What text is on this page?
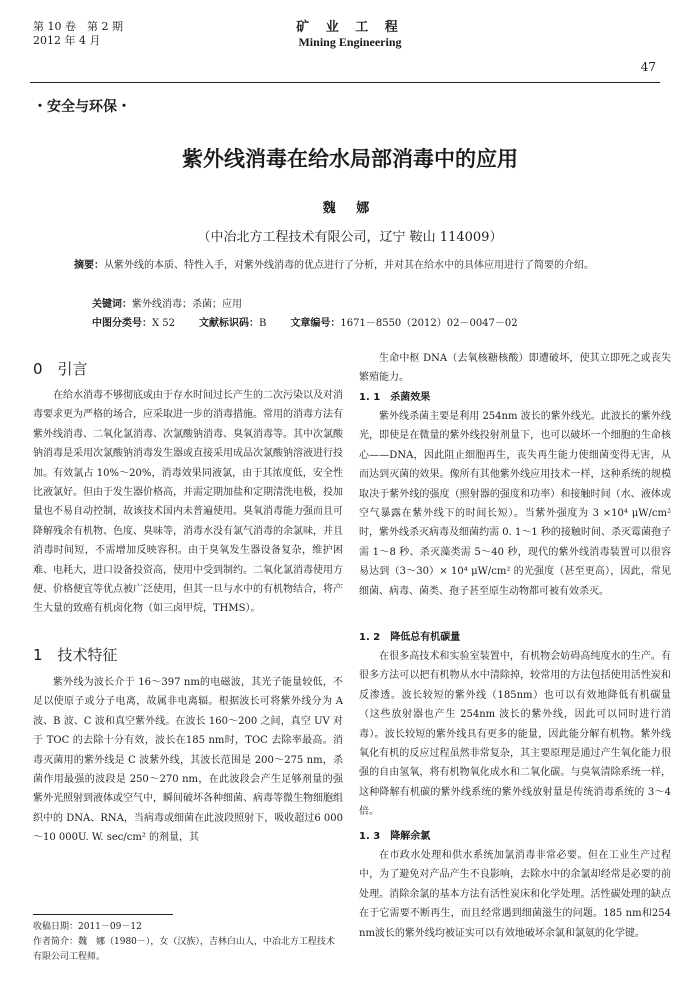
第 10 卷　第 2 期
2012 年 4 月
矿 业 工 程
Mining Engineering
47
・安全与环保・
紫外线消毒在给水局部消毒中的应用
魏 娜
（中冶北方工程技术有限公司，辽宁 鞍山 114009）
摘要：从紫外线的本质、特性入手，对紫外线消毒的优点进行了分析，并对其在给水中的具体应用进行了简要的介绍。
关键词：紫外线消毒；杀菌；应用
中图分类号：X 52 文献标识码：B 文章编号：1671－8550（2012）02－0047－02
0　引言

在给水消毒不够彻底或由于存水时间过长产生的二次污染以及对消毒要求更为严格的场合，应采取进一步的消毒措施。常用的消毒方法有紫外线消毒、二氧化氯消毒、次氯酸钠消毒、臭氧消毒等。其中次氯酸钠消毒是采用次氯酸钠消毒发生器或直接采用成品次氯酸钠溶液进行投加。有效氯占 10%～20%，消毒效果同液氯，由于其浓度低，安全性比液氯好。但由于发生器价格高，并需定期加盐和定期清洗电极，投加量也不易自动控制，故该技术国内未普遍使用。臭氧消毒能力强而且可降解残余有机物、色度、臭味等，消毒水没有氯气消毒的余氯味，并且消毒时间短，不需增加反映容积。由于臭氧发生器设备复杂，维护困难、电耗大，进口设备投资高，使用中受到制约。二氧化氯消毒使用方便、价格便宜等优点被广泛使用，但其一旦与水中的有机物结合，将产生大量的致癌有机卤化物（如三卤甲烷，THMS）。

1　技术特征

紫外线为波长介于 16～397 nm的电磁波，其光子能量较低，不足以使原子或分子电离，故属非电离辐。根据波长可将紫外线分为 A 波、B 波、C 波和真空紫外线。在波长 160～200 之间，真空 UV 对于 TOC 的去除十分有效，波长在185 nm时，TOC 去除率最高。消毒灭菌用的紫外线是 C 波紫外线，其波长范围是 200～275 nm，杀菌作用最强的波段是 250～270 nm，在此波段会产生足够剂量的强紫外光照射到液体或空气中，瞬间破坏各种细菌、病毒等微生物细胞组织中的 DNA、RNA，当病毒或细菌在此波段照射下，吸收超过6 000～10 000U. W. sec/cm² 的剂量，其

收稿日期：2011－09－12
作者简介：魏　娜（1980－），女（汉族），吉林白山人，中冶北方工程技术有限公司工程师。

生命中枢 DNA（去氧核糖核酸）即遭破坏，使其立即死之或丧失繁殖能力。

1. 1　杀菌效果

紫外线杀菌主要是利用 254nm 波长的紫外线光。此波长的紫外线光，即使是在微量的紫外线投射剂量下，也可以破坏一个细胞的生命核心——DNA，因此阻止细胞再生，丧失再生能力使细菌变得无害，从而达到灭菌的效果。像所有其他紫外线应用技术一样，这种系统的规模取决于紫外线的强度（照射器的强度和功率）和接触时间（水、液体或空气暴露在紫外线下的时间长短）。当紫外强度为 3 ×10⁴ μW/cm²时，紫外线杀灭病毒及细菌约需 0. 1～1 秒的接触时间、杀灭霉菌孢子需 1～8 秒、杀灭藻类需 5～40 秒，现代的紫外线消毒装置可以很容易达到（3～30）× 10⁴ μW/cm² 的光强度（甚至更高），因此，常见细菌、病毒、菌类、孢子甚至原生动物都可被有效杀灭。

1. 2　降低总有机碳量

在很多高技术和实验室装置中，有机物会妨碍高纯度水的生产。有很多方法可以把有机物从水中清除掉，较常用的方法包括使用活性炭和反渗透。波长较短的紫外线（185nm）也可以有效地降低有机碳量（这些放射器也产生 254nm 波长的紫外线，因此可以同时进行消毒）。波长较短的紫外线具有更多的能量，因此能分解有机物。紫外线氧化有机的反应过程虽然非常复杂，其主要原理是通过产生氧化能力很强的自由氢氧，将有机物氧化成水和二氧化碳。与臭氧清除系统一样，这种降解有机碳的紫外线系统的紫外线放射量是传统消毒系统的 3～4 倍。

1. 3　降解余氯

在市政水处理和供水系统加氯消毒非常必要。但在工业生产过程中，为了避免对产品产生不良影响，去除水中的余氯却经常是必要的前处理。消除余氯的基本方法有活性炭床和化学处理。活性碳处理的缺点在于它需要不断再生，而且经常遇到细菌滋生的问题。185 nm和254 nm波长的紫外线均被证实可以有效地破坏余氯和氯氨的化学键。
